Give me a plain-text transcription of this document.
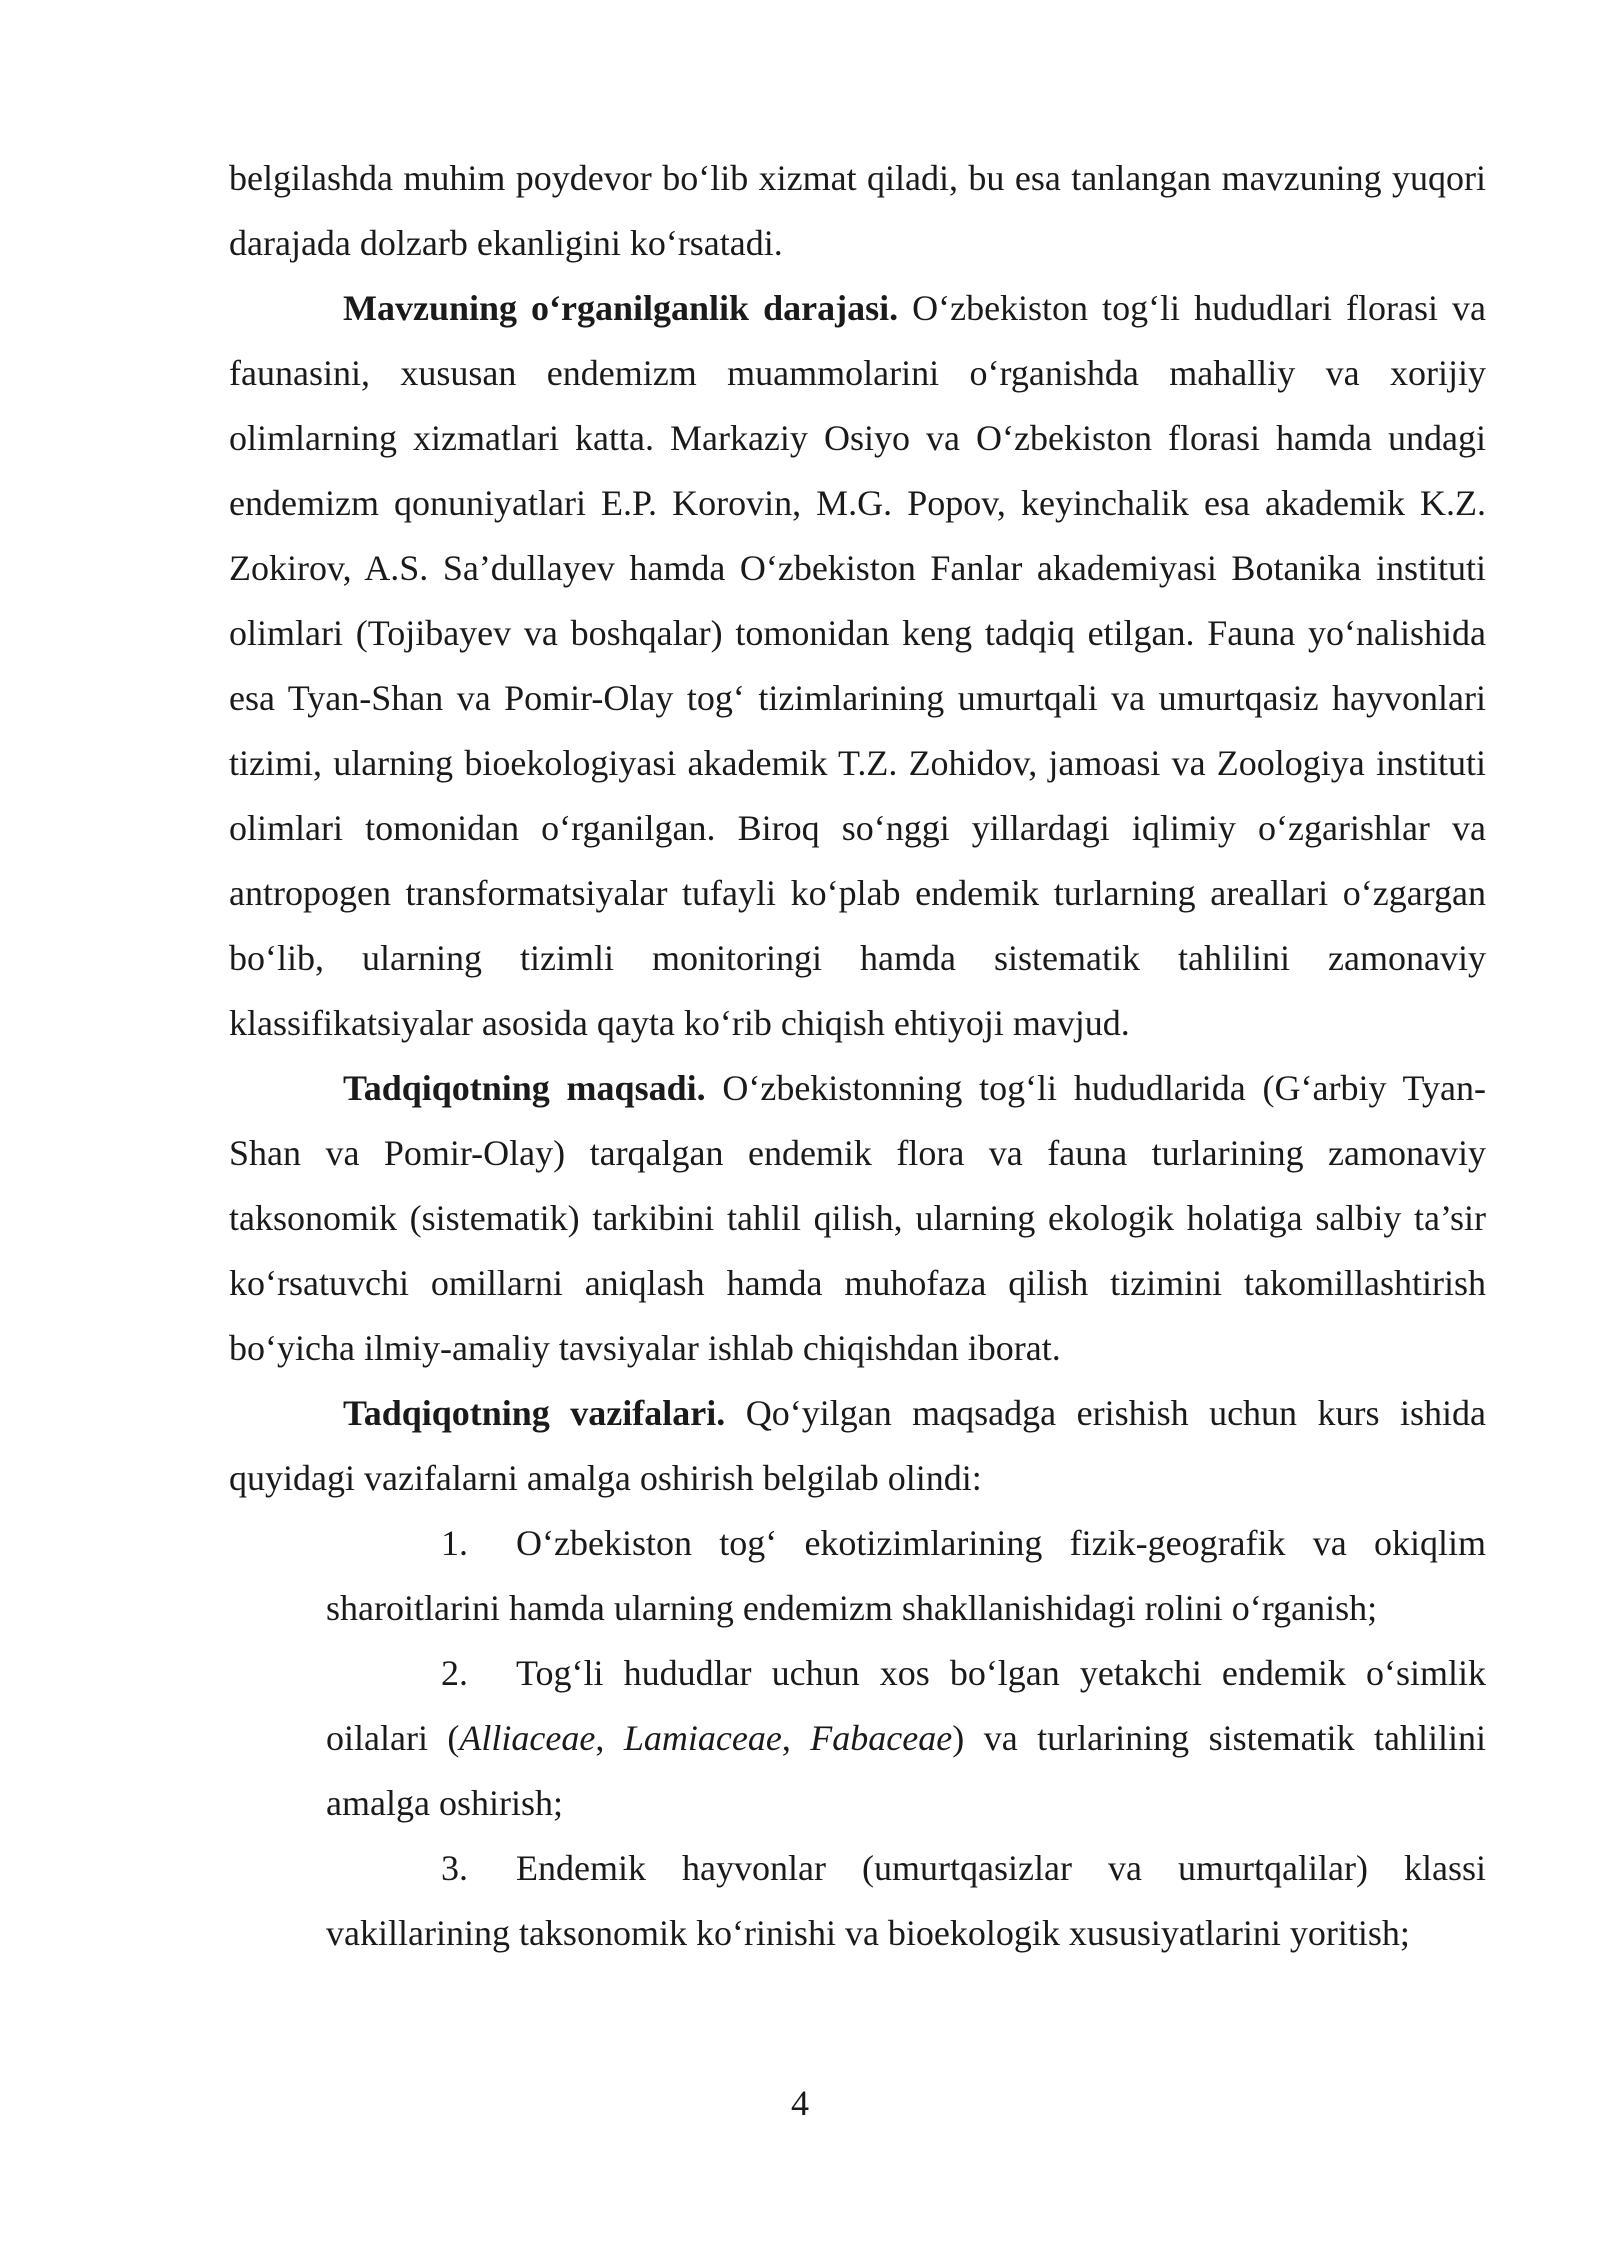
belgilashda muhim poydevor bo‘lib xizmat qiladi, bu esa tanlangan mavzuning yuqori darajada dolzarb ekanligini ko‘rsatadi.

Mavzuning o‘rganilganlik darajasi. O‘zbekiston tog‘li hududlari florasi va faunasini, xususan endemizm muammolarini o‘rganishda mahalliy va xorijiy olimlarning xizmatlari katta. Markaziy Osiyo va O‘zbekiston florasi hamda undagi endemizm qonuniyatlari E.P. Korovin, M.G. Popov, keyinchalik esa akademik K.Z. Zokirov, A.S. Sa’dullayev hamda O‘zbekiston Fanlar akademiyasi Botanika instituti olimlari (Tojibayev va boshqalar) tomonidan keng tadqiq etilgan. Fauna yo‘nalishida esa Tyan-Shan va Pomir-Olay tog‘ tizimlarining umurtqali va umurtqasiz hayvonlari tizimi, ularning bioekologiyasi akademik T.Z. Zohidov, jamoasi va Zoologiya instituti olimlari tomonidan o‘rganilgan. Biroq so‘nggi yillardagi iqlimiy o‘zgarishlar va antropogen transformatsiyalar tufayli ko‘plab endemik turlarning areallari o‘zgargan bo‘lib, ularning tizimli monitoringi hamda sistematik tahlilini zamonaviy klassifikatsiyalar asosida qayta ko‘rib chiqish ehtiyoji mavjud.

Tadqiqotning maqsadi. O‘zbekistonning tog‘li hududlarida (G‘arbiy Tyan-Shan va Pomir-Olay) tarqalgan endemik flora va fauna turlarining zamonaviy taksonomik (sistematik) tarkibini tahlil qilish, ularning ekologik holatiga salbiy ta’sir ko‘rsatuvchi omillarni aniqlash hamda muhofaza qilish tizimini takomillashtirish bo‘yicha ilmiy-amaliy tavsiyalar ishlab chiqishdan iborat.

Tadqiqotning vazifalari. Qo‘yilgan maqsadga erishish uchun kurs ishida quyidagi vazifalarni amalga oshirish belgilab olindi:

1. O‘zbekiston tog‘ ekotizimlarining fizik-geografik va okiqlim sharoitlarini hamda ularning endemizm shakllanishidagi rolini o‘rganish;

2. Tog‘li hududlar uchun xos bo‘lgan yetakchi endemik o‘simlik oilalari (Alliaceae, Lamiaceae, Fabaceae) va turlarining sistematik tahlilini amalga oshirish;

3. Endemik hayvonlar (umurtqasizlar va umurtqalilar) klassi vakillarining taksonomik ko‘rinishi va bioekologik xususiyatlarini yoritish;

4
